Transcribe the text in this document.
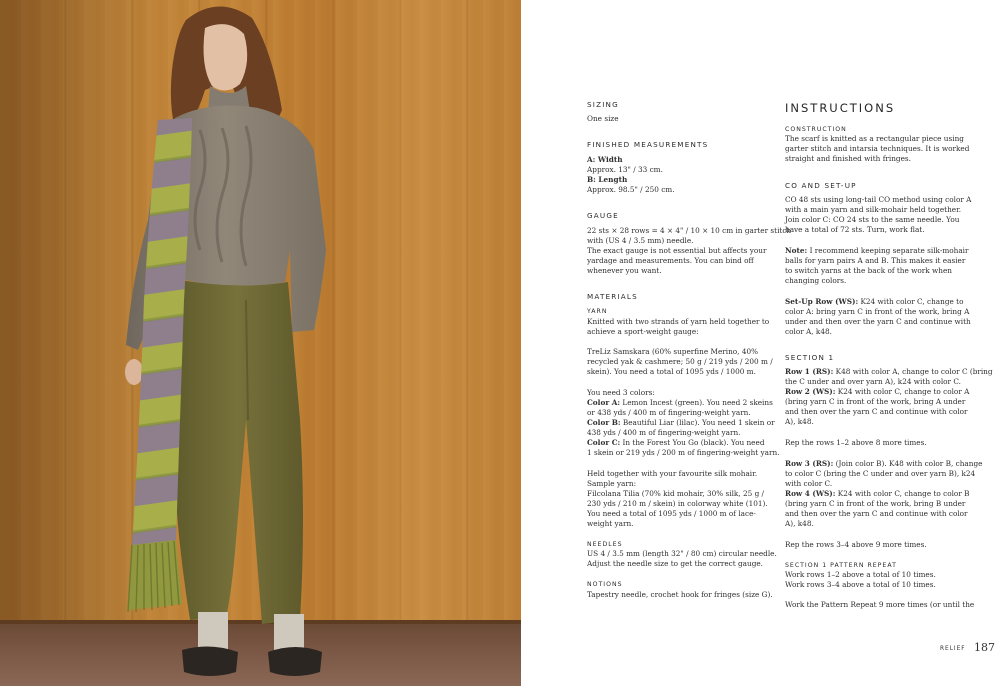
SIZING
One size
FINISHED MEASUREMENTS
A: Width
Approx. 13" / 33 cm.
B: Length
Approx. 98.5" / 250 cm.
GAUGE
22 sts × 28 rows = 4 × 4" / 10 × 10 cm in garter stitch
with (US 4 / 3.5 mm) needle.
The exact gauge is not essential but affects your
yardage and measurements. You can bind off
whenever you want.
MATERIALS
YARN
Knitted with two strands of yarn held together to
achieve a sport-weight gauge:
TreLiz Samskara (60% superfine Merino, 40%
recycled yak & cashmere; 50 g / 219 yds / 200 m /
skein). You need a total of 1095 yds / 1000 m.
You need 3 colors:
Color A: Lemon Incest (green). You need 2 skeins
or 438 yds / 400 m of fingering-weight yarn.
Color B: Beautiful Liar (lilac). You need 1 skein or
438 yds / 400 m of fingering-weight yarn.
Color C: In the Forest You Go (black). You need
1 skein or 219 yds / 200 m of fingering-weight yarn.
Held together with your favourite silk mohair.
Sample yarn:
Filcolana Tilia (70% kid mohair, 30% silk, 25 g /
230 yds / 210 m / skein) in colorway white (101).
You need a total of 1095 yds / 1000 m of lace-
weight yarn.
NEEDLES
US 4 / 3.5 mm (length 32" / 80 cm) circular needle.
Adjust the needle size to get the correct gauge.
NOTIONS
Tapestry needle, crochet hook for fringes (size G).
INSTRUCTIONS
CONSTRUCTION
The scarf is knitted as a rectangular piece using
garter stitch and intarsia techniques. It is worked
straight and finished with fringes.
CO AND SET-UP
CO 48 sts using long-tail CO method using color A
with a main yarn and silk-mohair held together.
Join color C: CO 24 sts to the same needle. You
have a total of 72 sts. Turn, work flat.
Note: I recommend keeping separate silk-mohair
balls for yarn pairs A and B. This makes it easier
to switch yarns at the back of the work when
changing colors.
Set-Up Row (WS): K24 with color C, change to
color A: bring yarn C in front of the work, bring A
under and then over the yarn C and continue with
color A, k48.
SECTION 1
Row 1 (RS): K48 with color A, change to color C (bring
the C under and over yarn A), k24 with color C.
Row 2 (WS): K24 with color C, change to color A
(bring yarn C in front of the work, bring A under
and then over the yarn C and continue with color
A), k48.
Rep the rows 1–2 above 8 more times.
Row 3 (RS): (Join color B). K48 with color B, change
to color C (bring the C under and over yarn B), k24
with color C.
Row 4 (WS): K24 with color C, change to color B
(bring yarn C in front of the work, bring B under
and then over the yarn C and continue with color
A), k48.
Rep the rows 3–4 above 9 more times.
SECTION 1 PATTERN REPEAT
Work rows 1–2 above a total of 10 times.
Work rows 3–4 above a total of 10 times.
Work the Pattern Repeat 9 more times (or until the
RELIEF 187
